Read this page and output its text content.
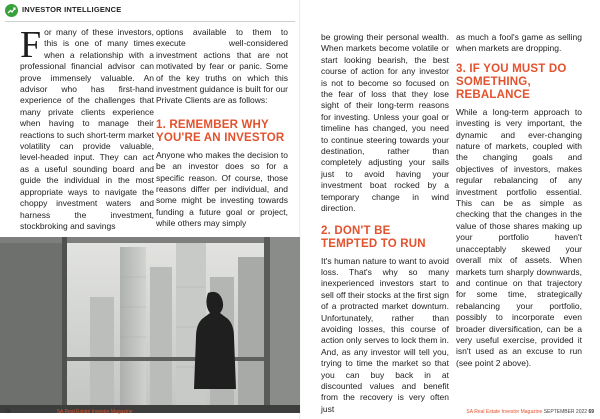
INVESTOR INTELLIGENCE

For many of these investors, this is one of many times when a relationship with a professional financial advisor can prove immensely valuable. An advisor who has first-hand experience of the challenges that many private clients experience when having to manage their reactions to such short-term market volatility can provide valuable, level-headed input. They can act as a useful sounding board and guide the individual in the most appropriate ways to navigate the choppy investment waters and harness the investment, stockbroking and savings

options available to them to execute well-considered investment actions that are not motivated by fear or panic. Some of the key truths on which this investment guidance is built for our Private Clients are as follows:

1. REMEMBER WHY YOU'RE AN INVESTOR

Anyone who makes the decision to be an investor does so for a specific reason. Of course, those reasons differ per individual, and some might be investing towards funding a future goal or project, while others may simply

be growing their personal wealth. When markets become volatile or start looking bearish, the best course of action for any investor is not to become so focused on the fear of loss that they lose sight of their long-term reasons for investing. Unless your goal or timeline has changed, you need to continue steering towards your destination, rather than completely adjusting your sails just to avoid having your investment boat rocked by a temporary change in wind direction.

2. DON'T BE TEMPTED TO RUN

It's human nature to want to avoid loss. That's why so many inexperienced investors start to sell off their stocks at the first sign of a protracted market downturn. Unfortunately, rather than avoiding losses, this course of action only serves to lock them in. And, as any investor will tell you, trying to time the market so that you can buy back in at discounted values and benefit from the recovery is very often just

as much a fool's game as selling when markets are dropping.

3. IF YOU MUST DO SOMETHING, REBALANCE

While a long-term approach to investing is very important, the dynamic and ever-changing nature of markets, coupled with the changing goals and objectives of investors, makes regular rebalancing of any investment portfolio essential. This can be as simple as checking that the changes in the value of those shares making up your portfolio haven't unacceptably skewed your overall mix of assets. When markets turn sharply downwards, and continue on that trajectory for some time, strategically rebalancing your portfolio, possibly to incorporate even broader diversification, can be a very useful exercise, provided it isn't used as an excuse to run (see point 2 above).

68 SEPTEMBER 2022 SA Real Estate Investor Magazine	SA Real Estate Investor Magazine SEPTEMBER 2022 69
